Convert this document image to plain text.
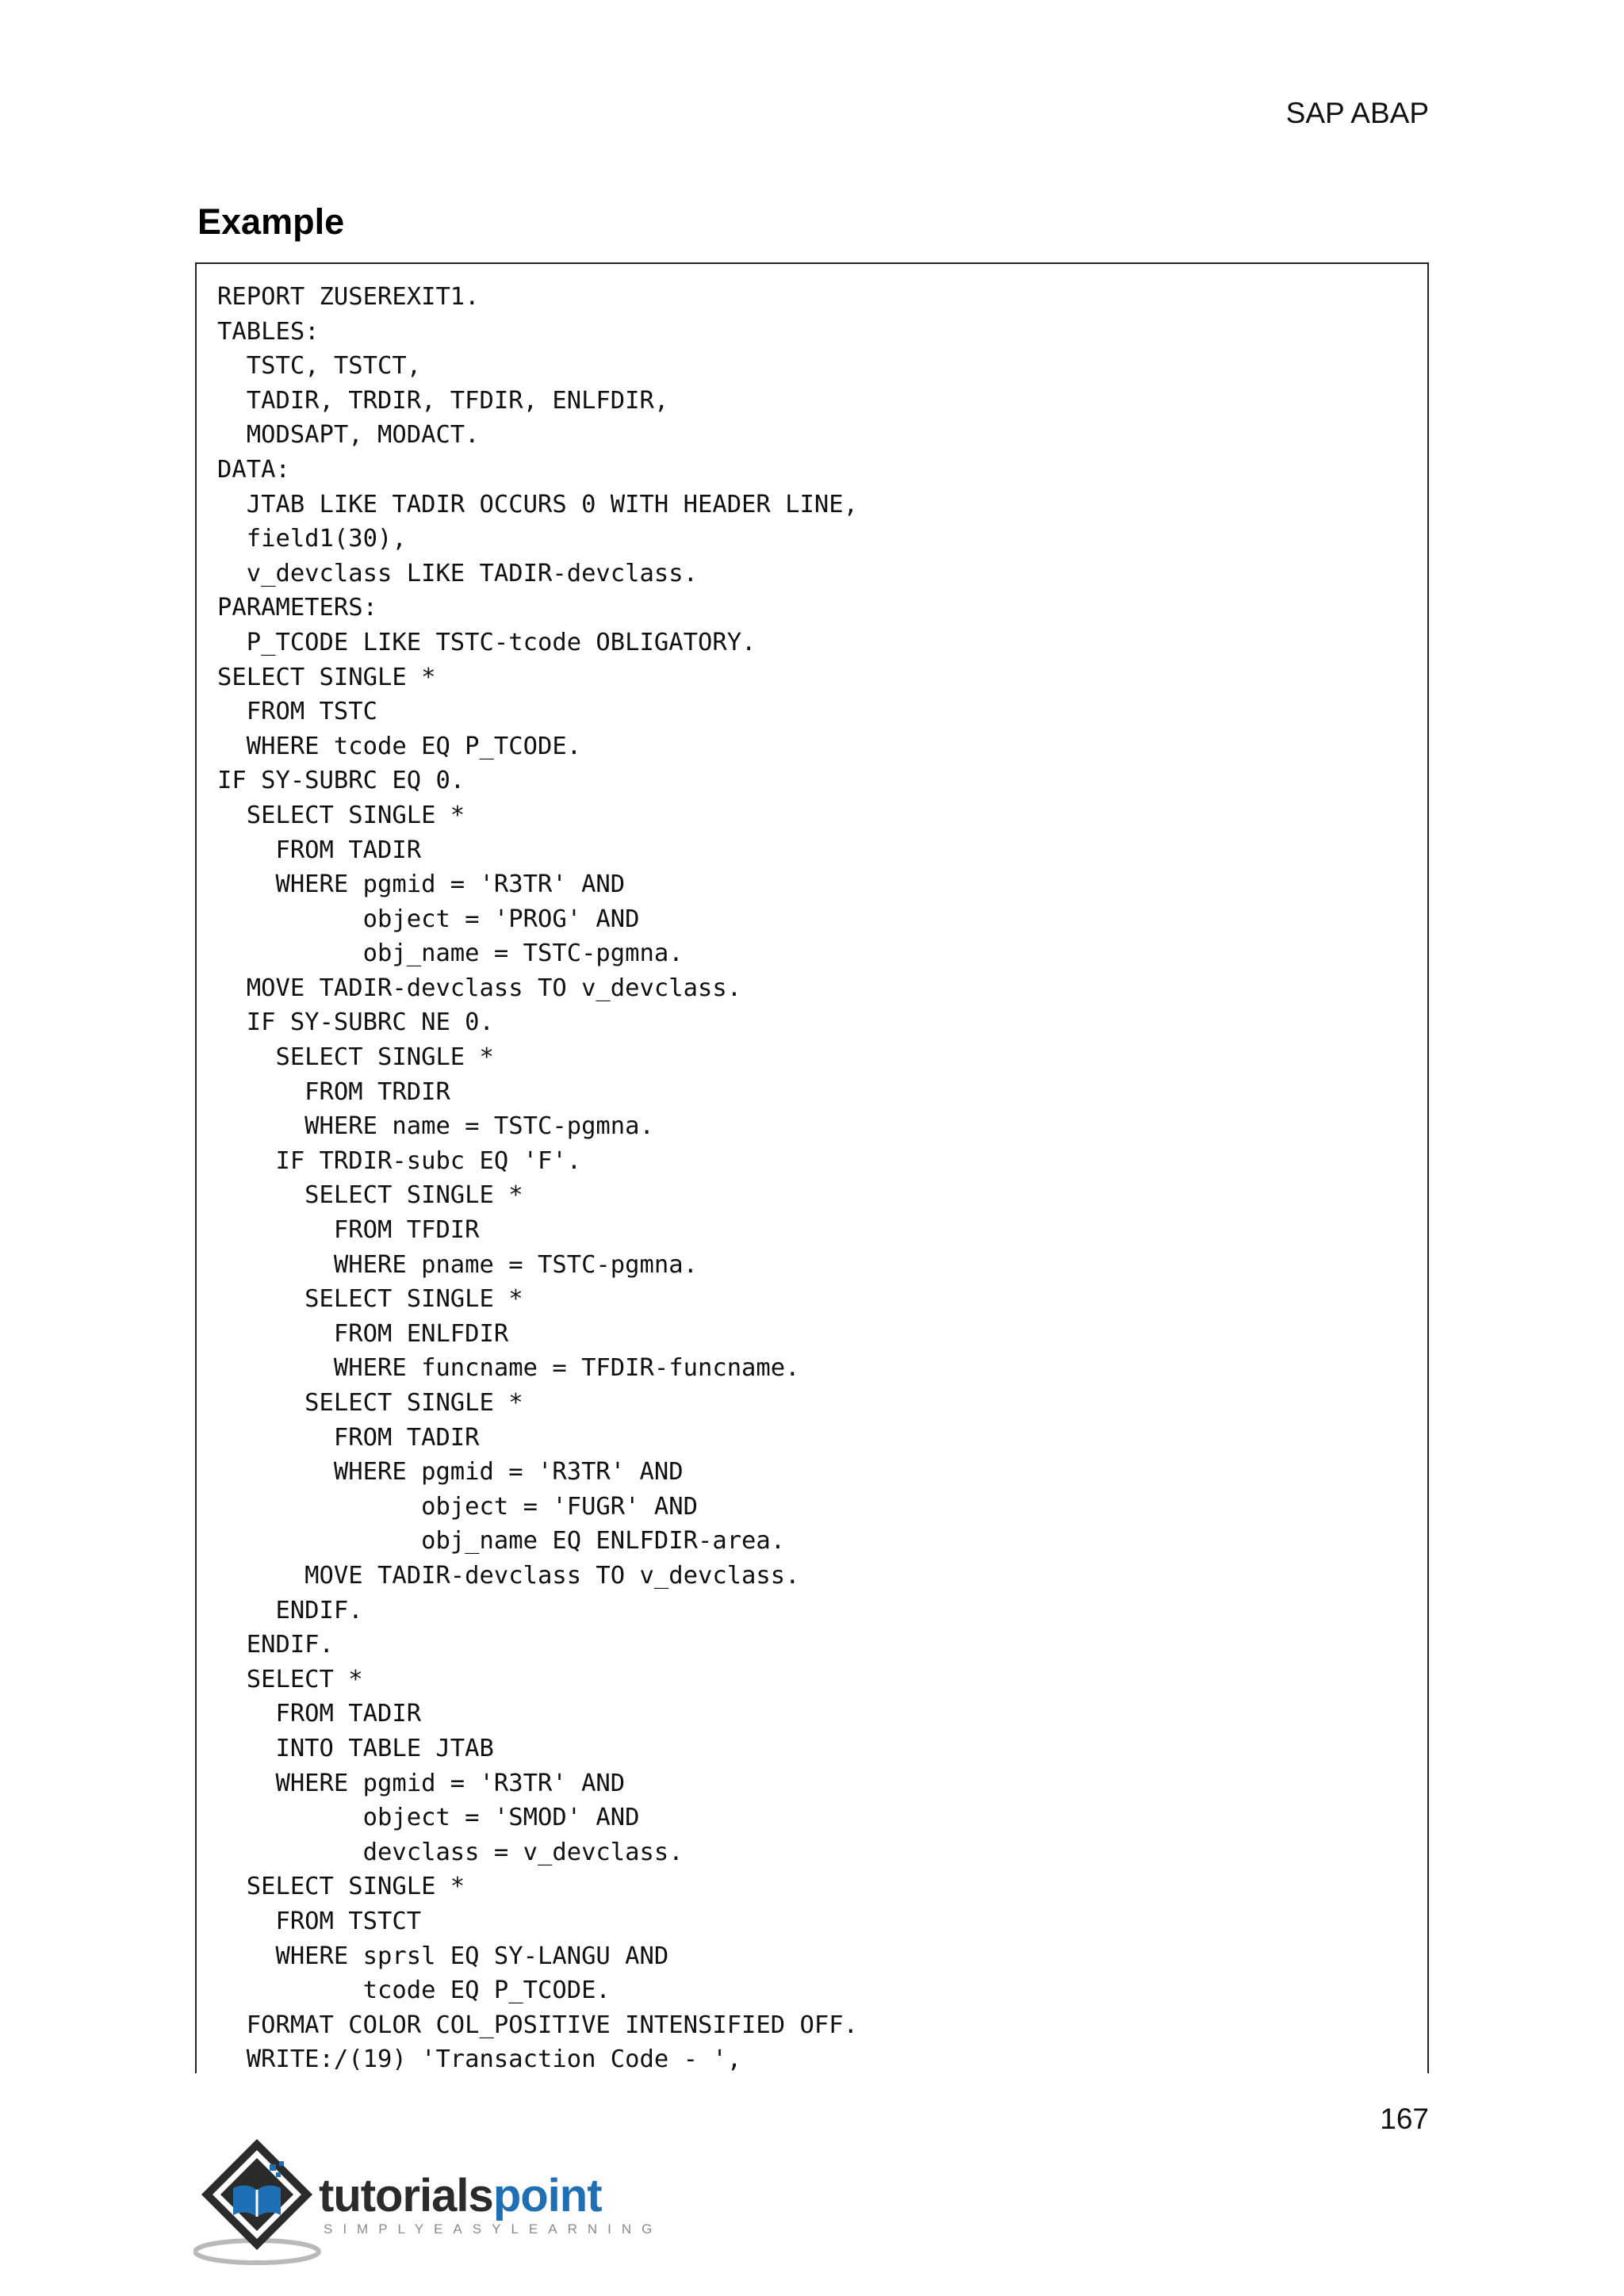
SAP ABAP
Example
REPORT ZUSEREXIT1.
TABLES:
TSTC, TSTCT,
TADIR, TRDIR, TFDIR, ENLFDIR,
MODSAPT, MODACT.
DATA:
JTAB LIKE TADIR OCCURS 0 WITH HEADER LINE,
field1(30),
v_devclass LIKE TADIR-devclass.
PARAMETERS:
P_TCODE LIKE TSTC-tcode OBLIGATORY.
SELECT SINGLE *
FROM TSTC
WHERE tcode EQ P_TCODE.
IF SY-SUBRC EQ 0.
SELECT SINGLE *
FROM TADIR
WHERE pgmid = 'R3TR' AND
object = 'PROG' AND
obj_name = TSTC-pgmna.
MOVE TADIR-devclass TO v_devclass.
IF SY-SUBRC NE 0.
SELECT SINGLE *
FROM TRDIR
WHERE name = TSTC-pgmna.
IF TRDIR-subc EQ 'F'.
SELECT SINGLE *
FROM TFDIR
WHERE pname = TSTC-pgmna.
SELECT SINGLE *
FROM ENLFDIR
WHERE funcname = TFDIR-funcname.
SELECT SINGLE *
FROM TADIR
WHERE pgmid = 'R3TR' AND
object = 'FUGR' AND
obj_name EQ ENLFDIR-area.
MOVE TADIR-devclass TO v_devclass.
ENDIF.
ENDIF.
SELECT *
FROM TADIR
INTO TABLE JTAB
WHERE pgmid = 'R3TR' AND
object = 'SMOD' AND
devclass = v_devclass.
SELECT SINGLE *
FROM TSTCT
WHERE sprsl EQ SY-LANGU AND
tcode EQ P_TCODE.
FORMAT COLOR COL_POSITIVE INTENSIFIED OFF.
WRITE:/(19) 'Transaction Code - ',
167
tutorialspoint
SIMPLYEASYLEARNING
